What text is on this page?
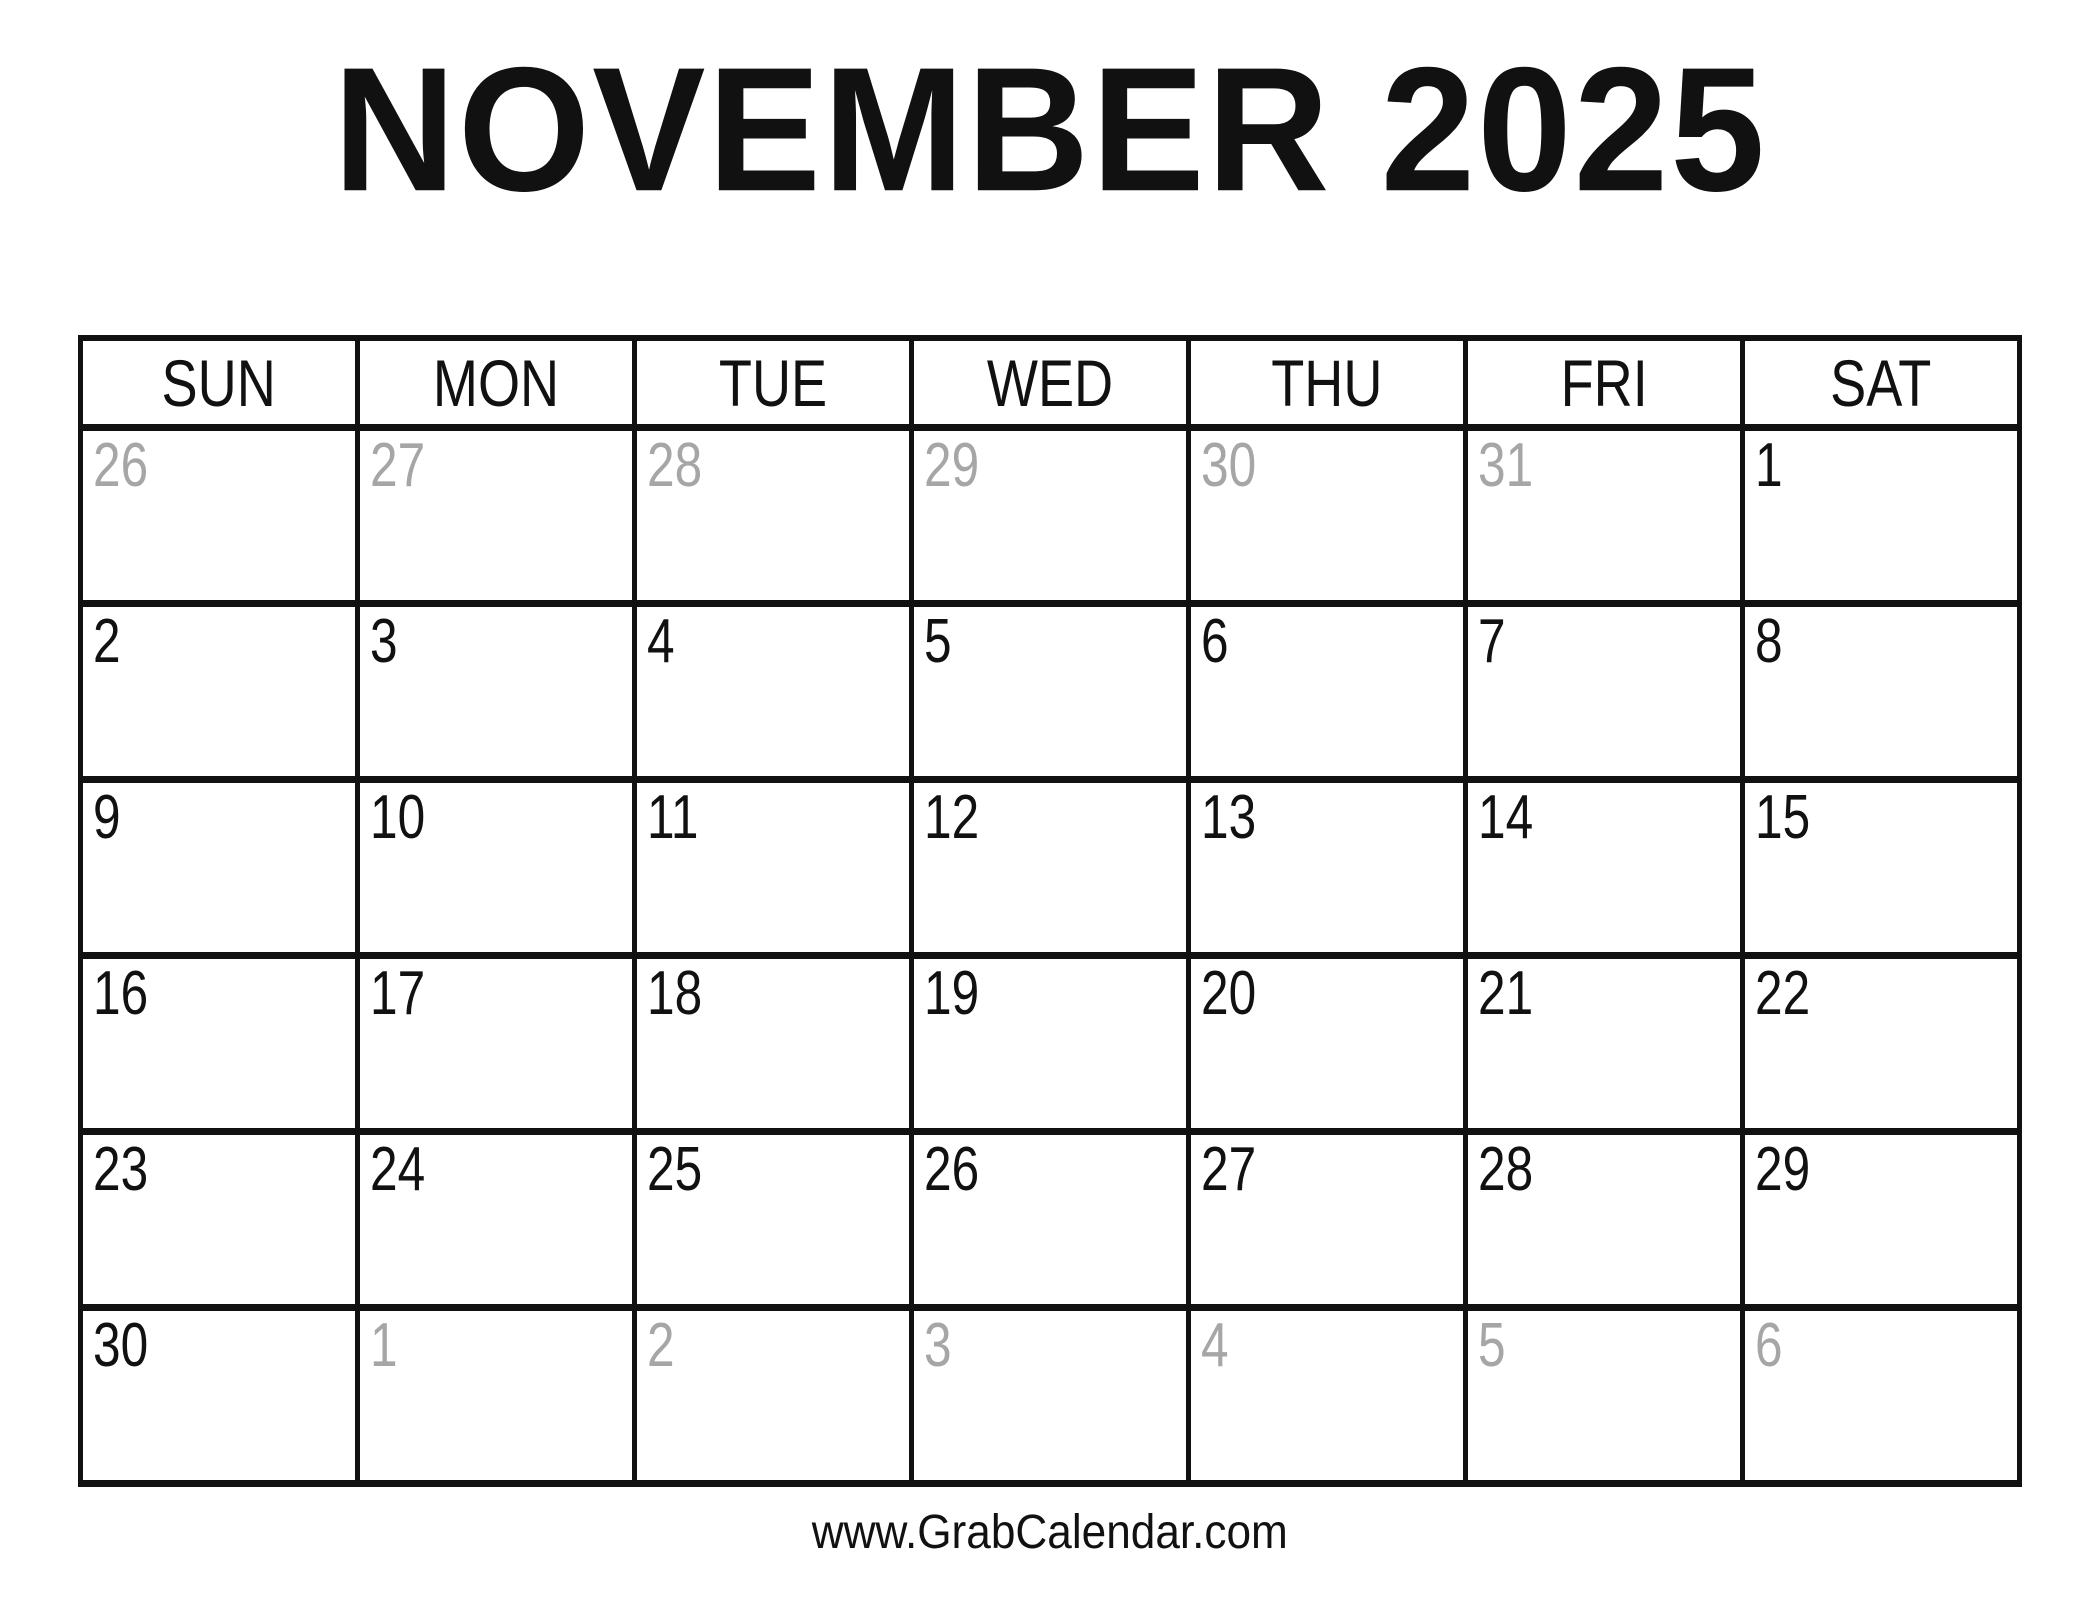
NOVEMBER 2025
SUN	MON	TUE	WED	THU	FRI	SAT
26	27	28	29	30	31	1
2	3	4	5	6	7	8
9	10	11	12	13	14	15
16	17	18	19	20	21	22
23	24	25	26	27	28	29
30	1	2	3	4	5	6
www.GrabCalendar.com
